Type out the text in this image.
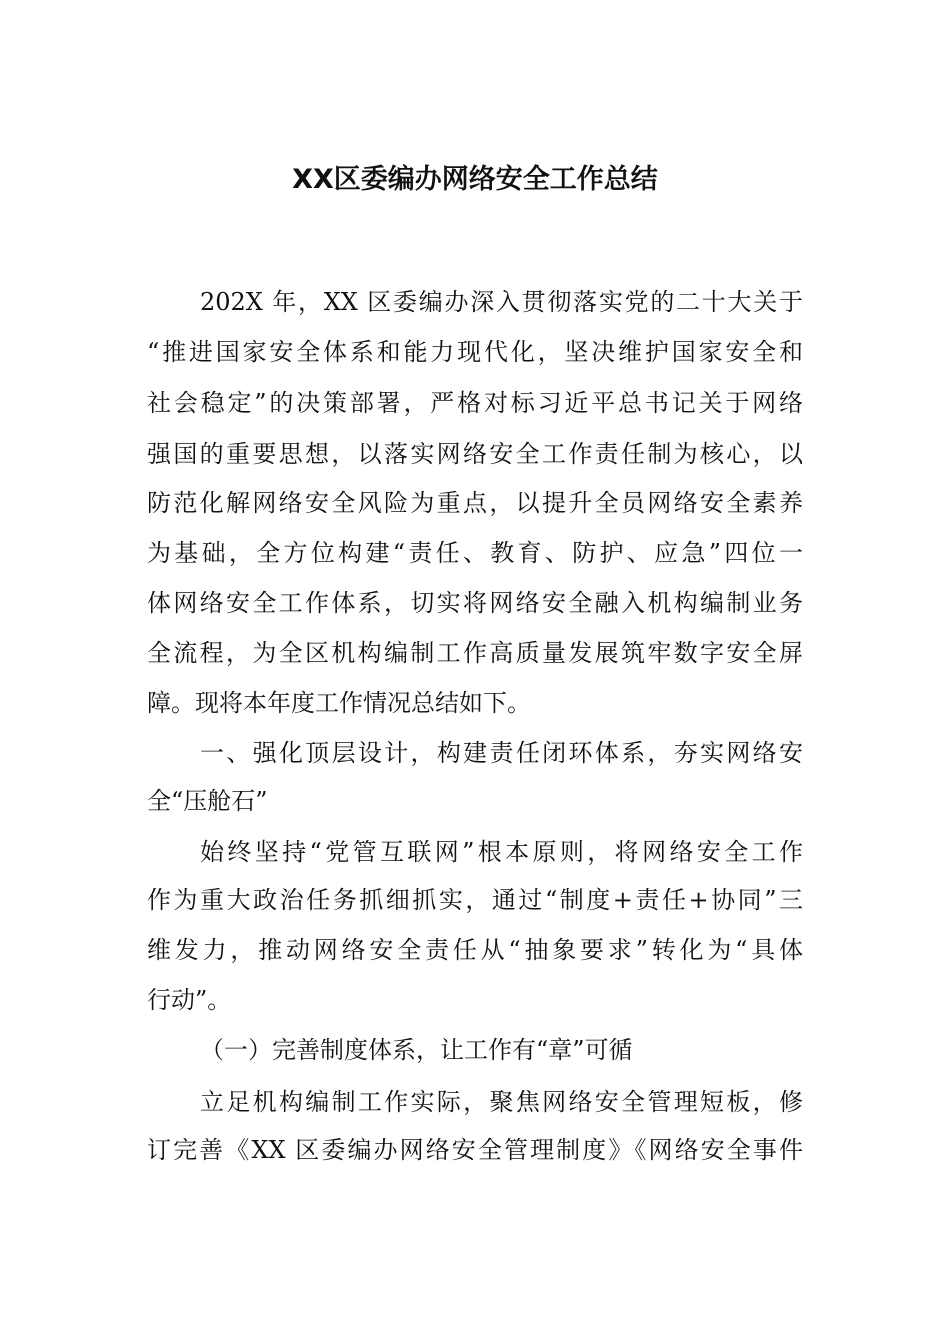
XX区委编办网络安全工作总结
202X 年，XX 区委编办深入贯彻落实党的二十大关于
“推进国家安全体系和能力现代化，坚决维护国家安全和
社会稳定”的决策部署，严格对标习近平总书记关于网络
强国的重要思想，以落实网络安全工作责任制为核心，以
防范化解网络安全风险为重点，以提升全员网络安全素养
为基础，全方位构建“责任、教育、防护、应急”四位一
体网络安全工作体系，切实将网络安全融入机构编制业务
全流程，为全区机构编制工作高质量发展筑牢数字安全屏
障。现将本年度工作情况总结如下。
一、强化顶层设计，构建责任闭环体系，夯实网络安
全“压舱石”
始终坚持“党管互联网”根本原则，将网络安全工作
作为重大政治任务抓细抓实，通过“制度+责任+协同”三
维发力，推动网络安全责任从“抽象要求”转化为“具体
行动”。
（一）完善制度体系，让工作有“章”可循
立足机构编制工作实际，聚焦网络安全管理短板，修
订完善《XX 区委编办网络安全管理制度》《网络安全事件
